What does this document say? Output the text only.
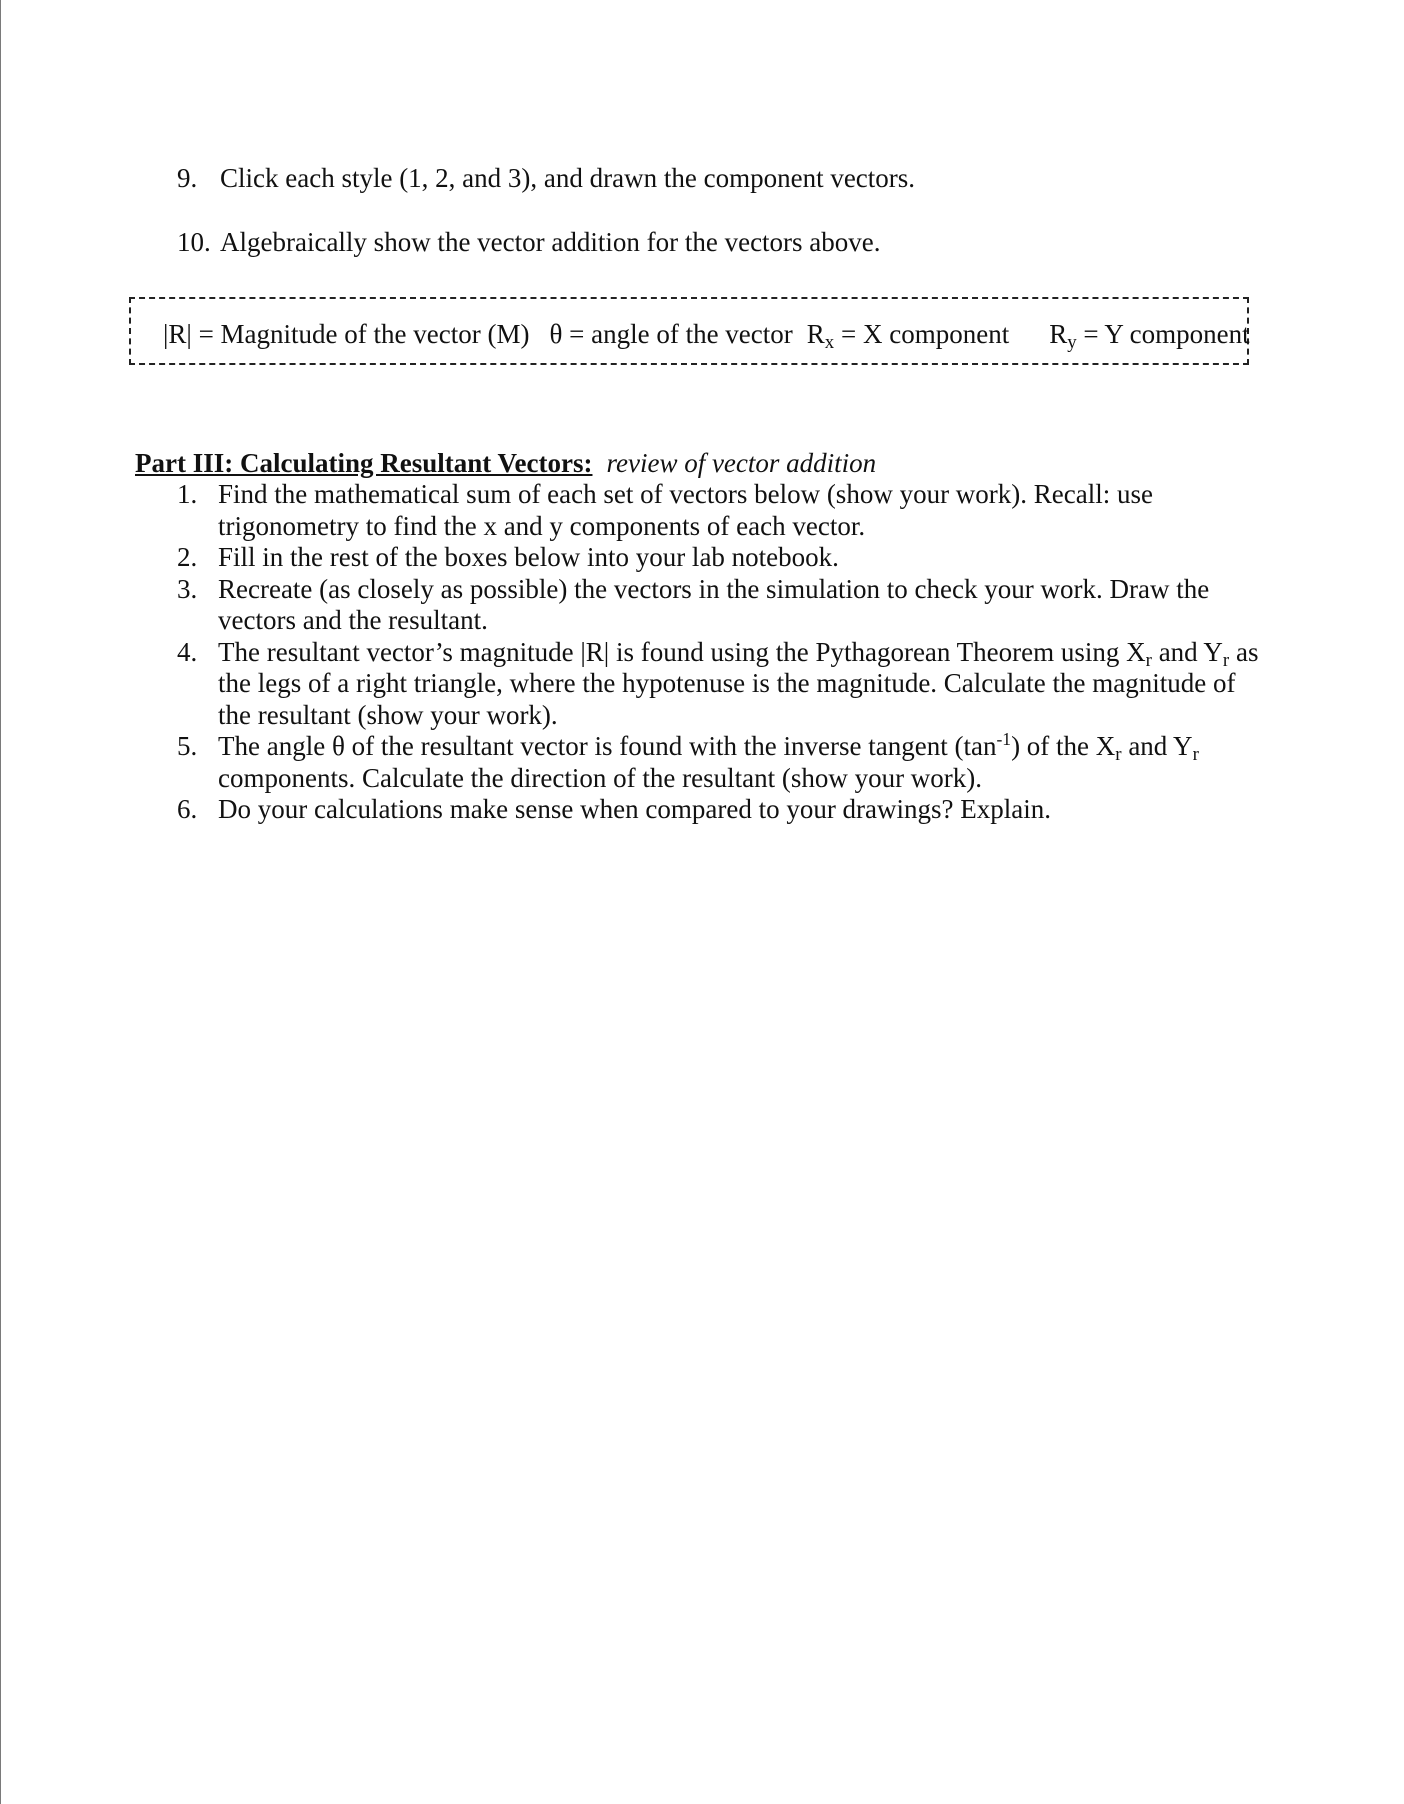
9. Click each style (1, 2, and 3), and drawn the component vectors.
10. Algebraically show the vector addition for the vectors above.
|R| = Magnitude of the vector (M) θ = angle of the vector $R_x = X$ component $R_y = Y$ component
Part III: Calculating Resultant Vectors: review of vector addition
1. Find the mathematical sum of each set of vectors below (show your work). Recall: use trigonometry to find the x and y components of each vector.
2. Fill in the rest of the boxes below into your lab notebook.
3. Recreate (as closely as possible) the vectors in the simulation to check your work. Draw the vectors and the resultant.
4. The resultant vector’s magnitude |R| is found using the Pythagorean Theorem using $X_r$ and $Y_r$ as the legs of a right triangle, where the hypotenuse is the magnitude. Calculate the magnitude of the resultant (show your work).
5. The angle θ of the resultant vector is found with the inverse tangent $(\tan^{-1})$ of the $X_r$ and $Y_r$ components. Calculate the direction of the resultant (show your work).
6. Do your calculations make sense when compared to your drawings? Explain.
